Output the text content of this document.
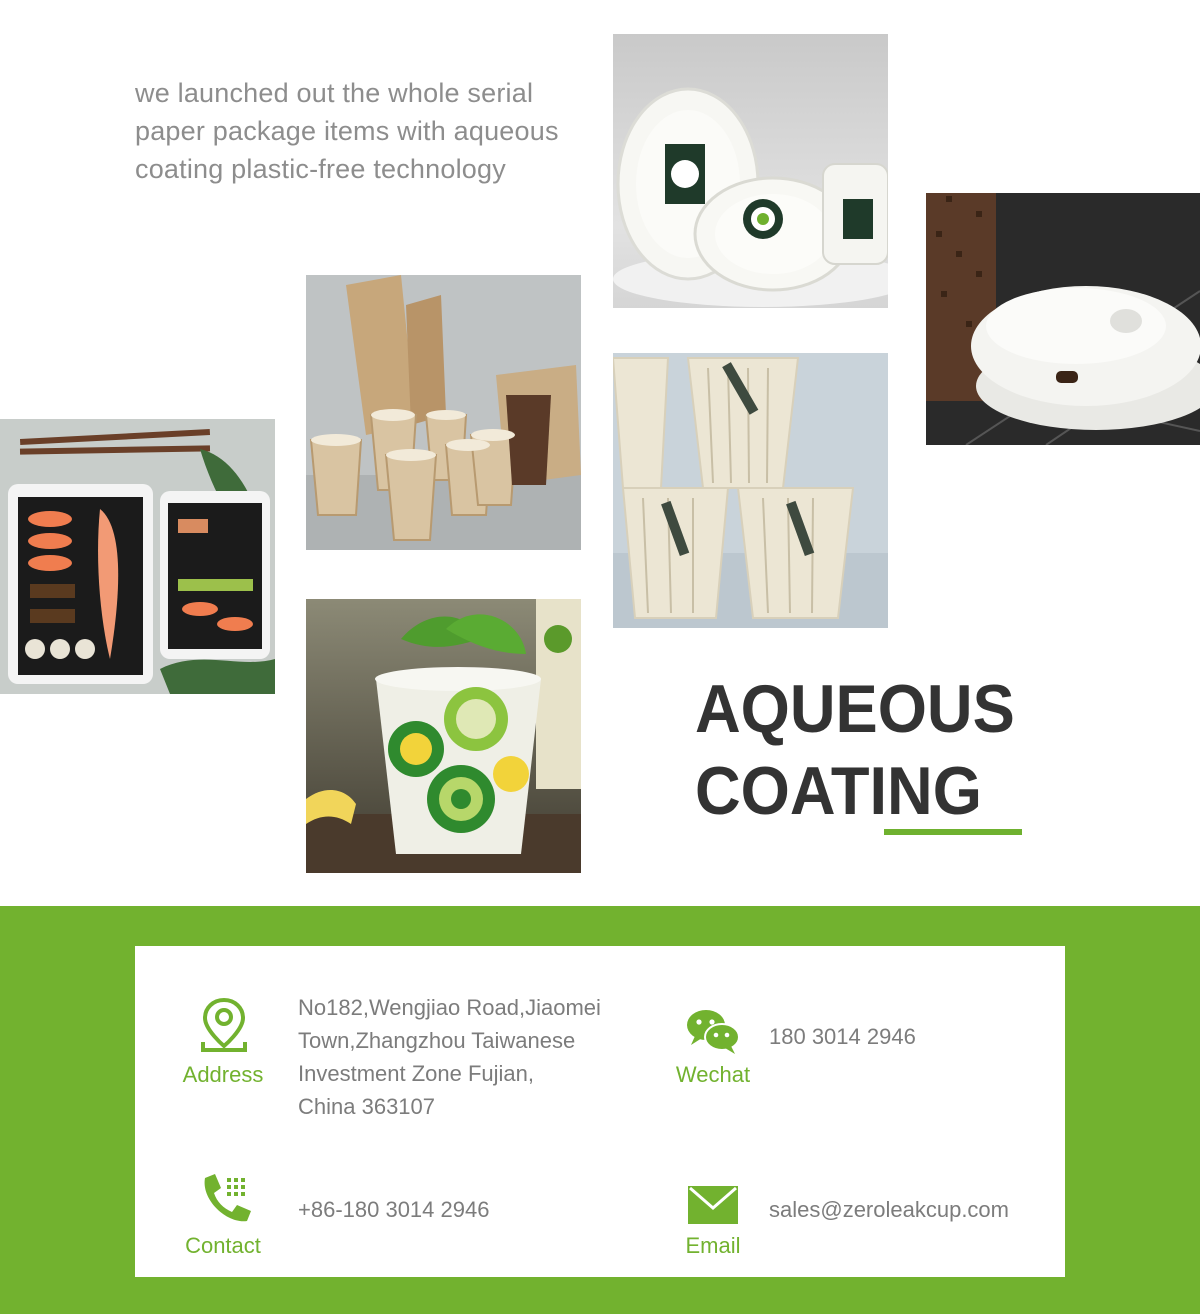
we launched out the whole serial paper package items with aqueous coating plastic-free technology
AQUEOUS
COATING
Address
No182,Wengjiao Road,Jiaomei
Town,Zhangzhou Taiwanese
Investment Zone Fujian,
China 363107
Wechat
180 3014 2946
Contact
+86-180 3014 2946
Email
sales@zeroleakcup.com
